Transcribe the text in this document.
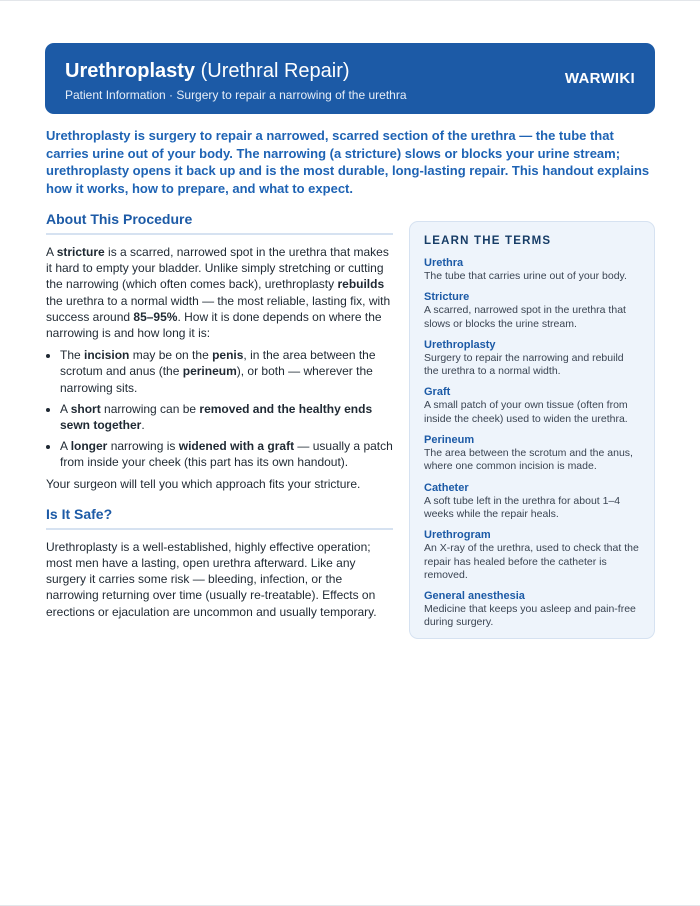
Urethroplasty (Urethral Repair)
Patient Information · Surgery to repair a narrowing of the urethra
WARWIKI
Urethroplasty is surgery to repair a narrowed, scarred section of the urethra — the tube that carries urine out of your body. The narrowing (a stricture) slows or blocks your urine stream; urethroplasty opens it back up and is the most durable, long-lasting repair. This handout explains how it works, how to prepare, and what to expect.
About This Procedure

A stricture is a scarred, narrowed spot in the urethra that makes it hard to empty your bladder. Unlike simply stretching or cutting the narrowing (which often comes back), urethroplasty rebuilds the urethra to a normal width — the most reliable, lasting fix, with success around 85–95%. How it is done depends on where the narrowing is and how long it is:

• The incision may be on the penis, in the area between the scrotum and anus (the perineum), or both — wherever the narrowing sits.
• A short narrowing can be removed and the healthy ends sewn together.
• A longer narrowing is widened with a graft — usually a patch from inside your cheek (this part has its own handout).

Your surgeon will tell you which approach fits your stricture.

Is It Safe?

Urethroplasty is a well-established, highly effective operation; most men have a lasting, open urethra afterward. Like any surgery it carries some risk — bleeding, infection, or the narrowing returning over time (usually re-treatable). Effects on erections or ejaculation are uncommon and usually temporary.

LEARN THE TERMS
Urethra
The tube that carries urine out of your body.
Stricture
A scarred, narrowed spot in the urethra that slows or blocks the urine stream.
Urethroplasty
Surgery to repair the narrowing and rebuild the urethra to a normal width.
Graft
A small patch of your own tissue (often from inside the cheek) used to widen the urethra.
Perineum
The area between the scrotum and the anus, where one common incision is made.
Catheter
A soft tube left in the urethra for about 1–4 weeks while the repair heals.
Urethrogram
An X-ray of the urethra, used to check that the repair has healed before the catheter is removed.
General anesthesia
Medicine that keeps you asleep and pain-free during surgery.
